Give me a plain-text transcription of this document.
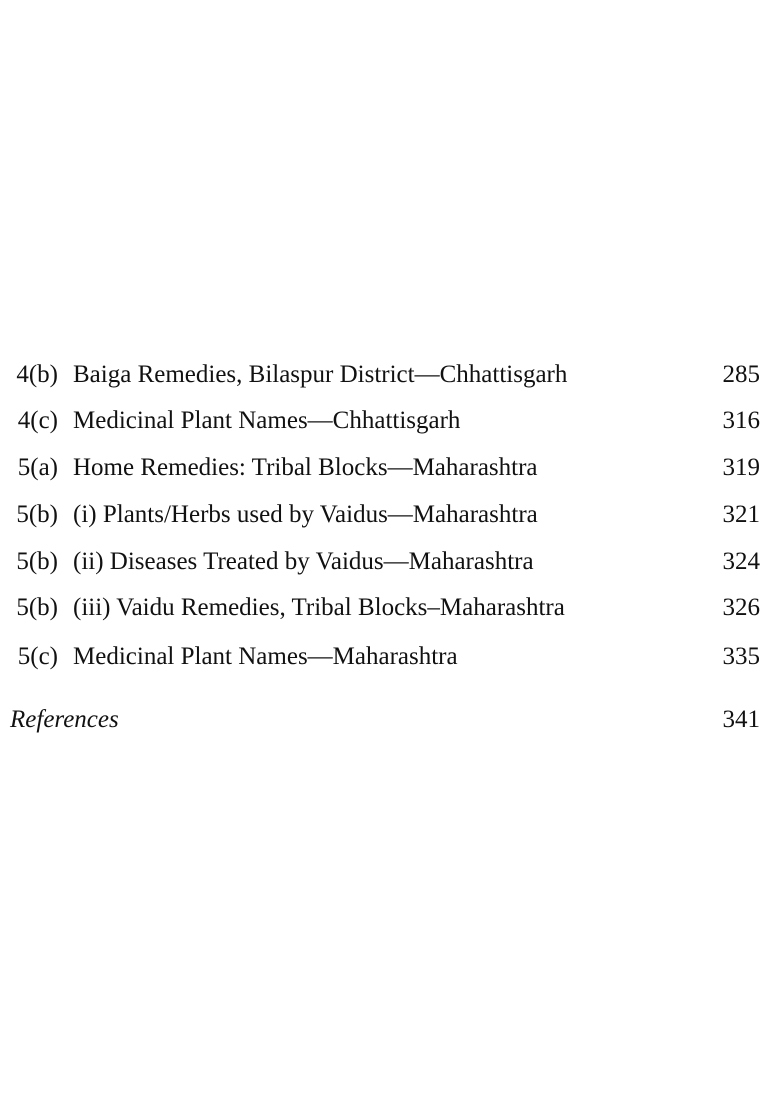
4(b) Baiga Remedies, Bilaspur District—Chhattisgarh	285
4(c) Medicinal Plant Names—Chhattisgarh	316
5(a) Home Remedies: Tribal Blocks—Maharashtra	319
5(b) (i) Plants/Herbs used by Vaidus—Maharashtra	321
5(b) (ii) Diseases Treated by Vaidus—Maharashtra	324
5(b) (iii) Vaidu Remedies, Tribal Blocks–Maharashtra	326
5(c) Medicinal Plant Names—Maharashtra	335
References	341
